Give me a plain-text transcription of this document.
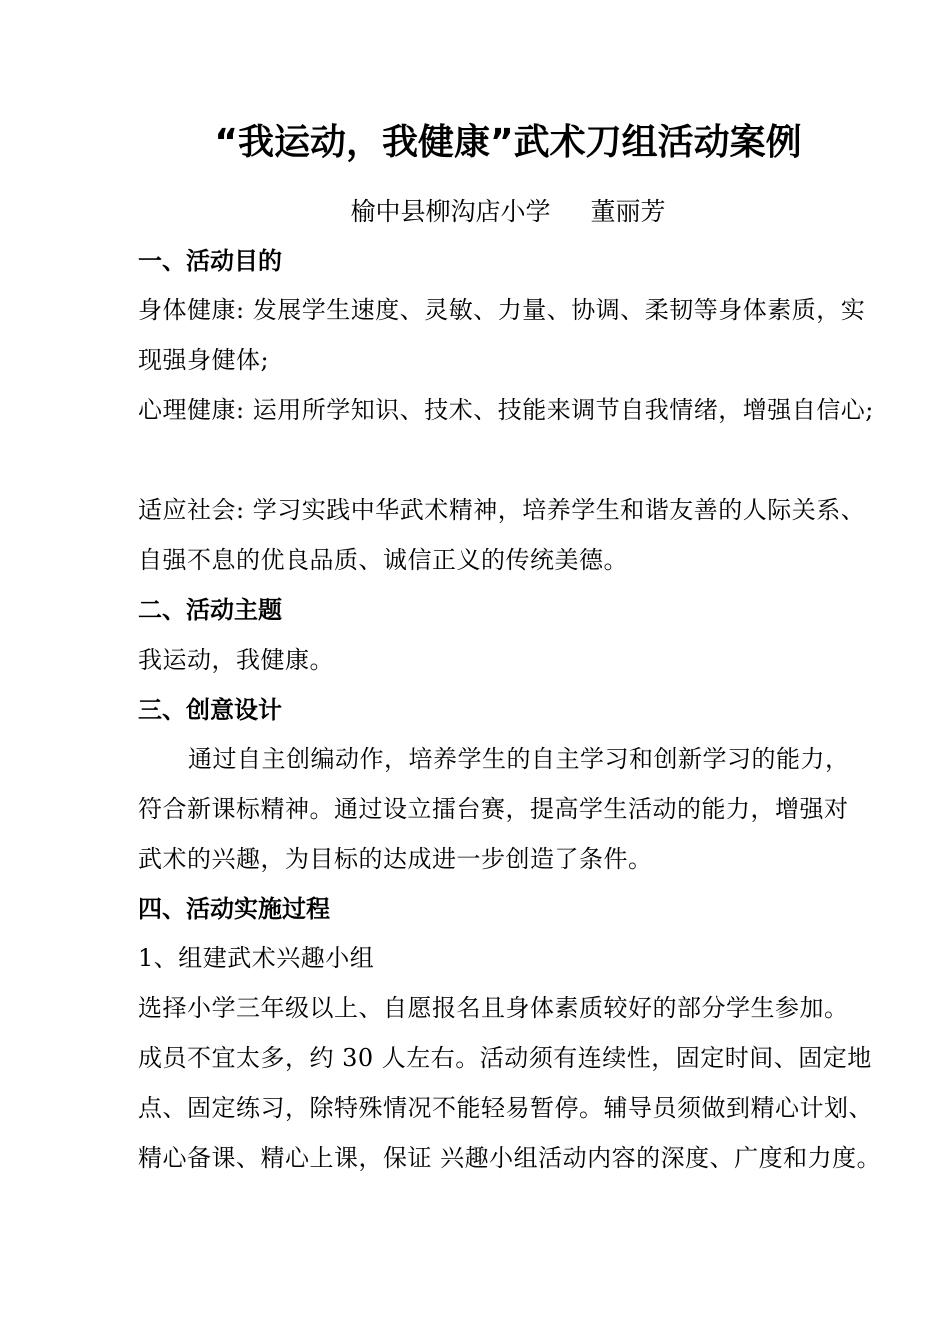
“我运动，我健康”武术刀组活动案例
榆中县柳沟店小学 董丽芳
一、活动目的
身体健康: 发展学生速度、灵敏、力量、协调、柔韧等身体素质，实
现强身健体;
心理健康: 运用所学知识、技术、技能来调节自我情绪，增强自信心;
适应社会: 学习实践中华武术精神，培养学生和谐友善的人际关系、
自强不息的优良品质、诚信正义的传统美德。
二、活动主题
我运动，我健康。
三、创意设计
通过自主创编动作，培养学生的自主学习和创新学习的能力，
符合新课标精神。通过设立擂台赛，提高学生活动的能力，增强对
武术的兴趣，为目标的达成进一步创造了条件。
四、活动实施过程
1、组建武术兴趣小组
选择小学三年级以上、自愿报名且身体素质较好的部分学生参加。
成员不宜太多，约 30 人左右。活动须有连续性，固定时间、固定地
点、固定练习，除特殊情况不能轻易暂停。辅导员须做到精心计划、
精心备课、精心上课，保证 兴趣小组活动内容的深度、广度和力度。
